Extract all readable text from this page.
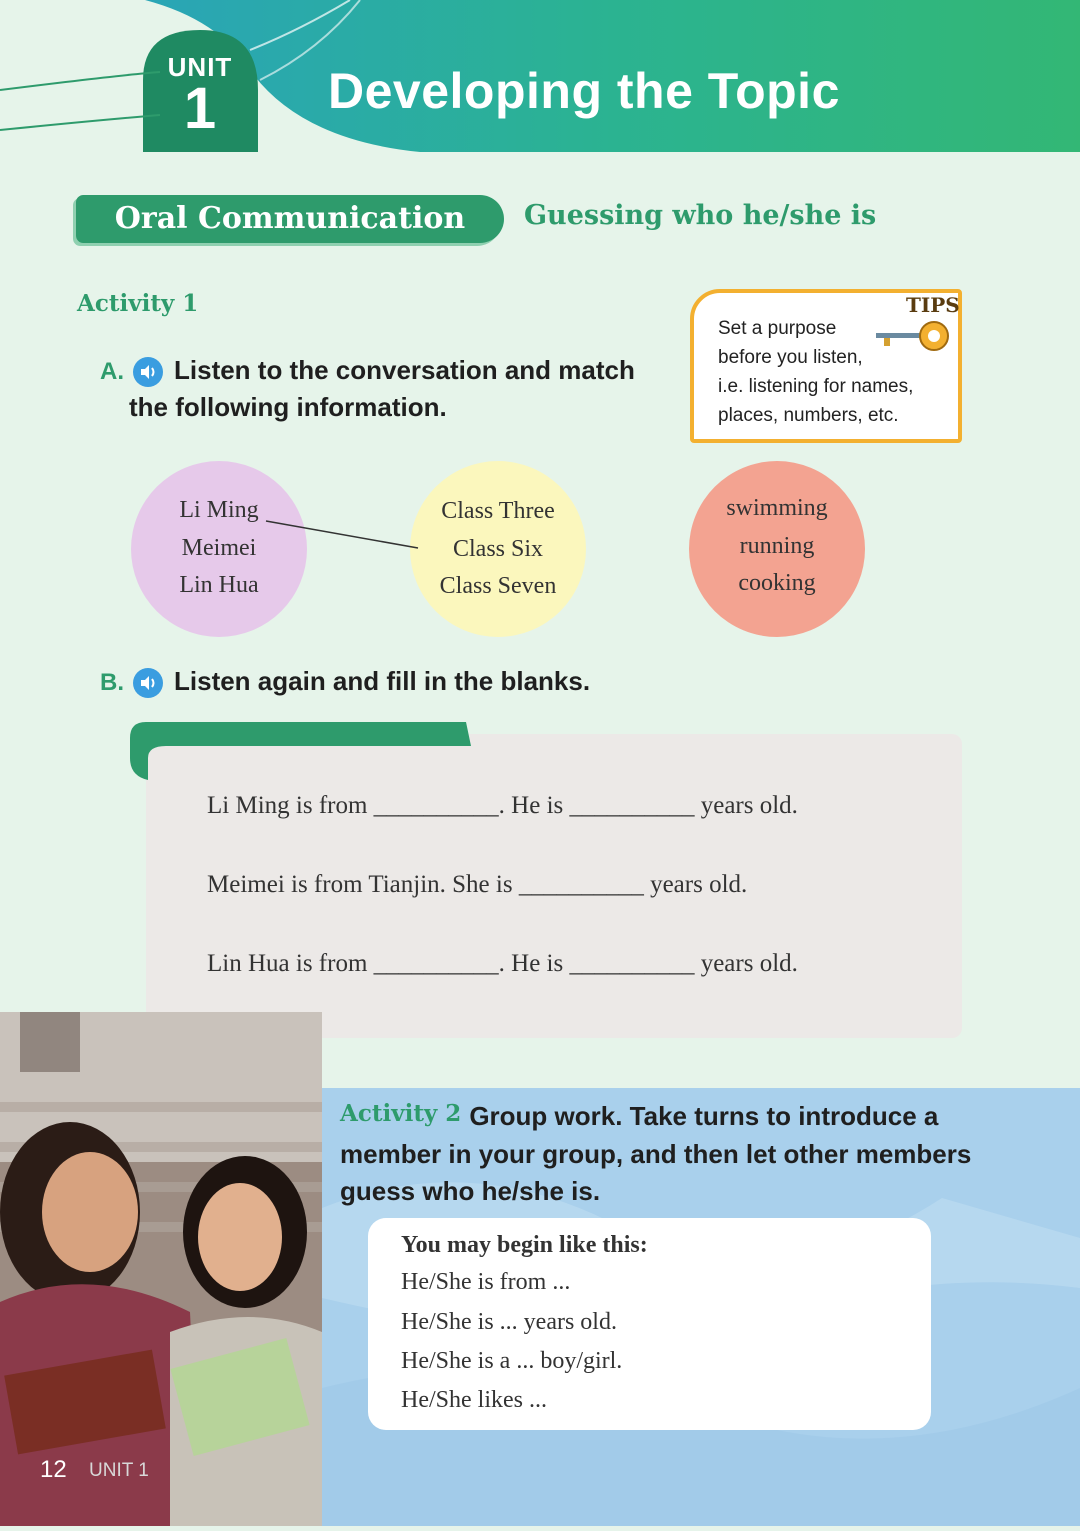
UNIT
1	Developing the Topic
Oral Communication	Guessing who he/she is
Activity 1
A. Listen to the conversation and match
the following information.
TIPS
Set a purpose
before you listen,
i.e. listening for names,
places, numbers, etc.
Li Ming
Meimei
Lin Hua
Class Three
Class Six
Class Seven
swimming
running
cooking
B. Listen again and fill in the blanks.
Li Ming is from __________. He is __________ years old.
Meimei is from Tianjin. She is __________ years old.
Lin Hua is from __________. He is __________ years old.
Group work. Take turns to introduce a
member in your group, and then let other members
guess who he/she is.
Activity 2
You may begin like this:
He/She is from ...
He/She is ... years old.
He/She is a ... boy/girl.
He/She likes ...
12 UNIT 1
